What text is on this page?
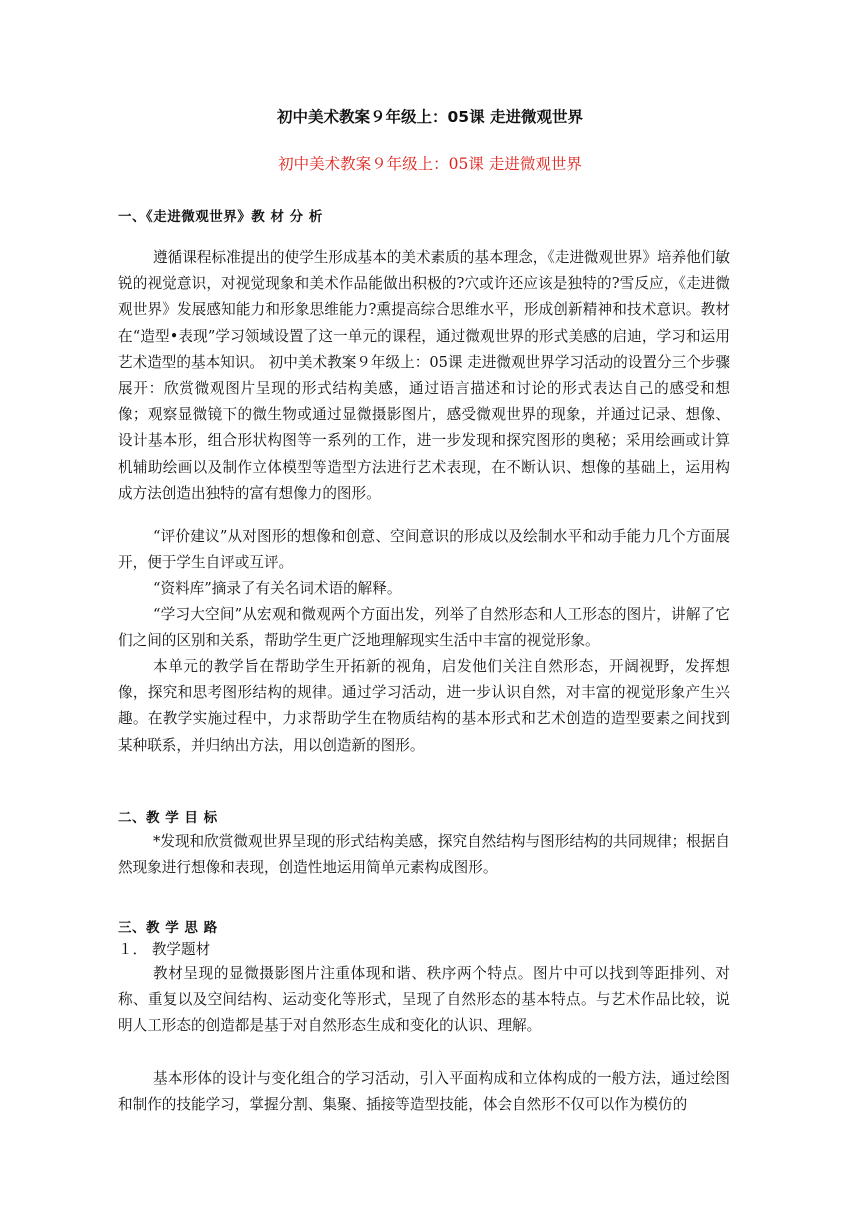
初中美术教案９年级上：05课 走进微观世界
初中美术教案９年级上：05课 走进微观世界
一、《走进微观世界》教 材 分 析

遵循课程标准提出的使学生形成基本的美术素质的基本理念，《走进微观世界》培养他们敏锐的视觉意识，对视觉现象和美术作品能做出积极的?穴或许还应该是独特的?雪反应，《走进微观世界》发展感知能力和形象思维能力?熏提高综合思维水平，形成创新精神和技术意识。教材在“造型•表现”学习领域设置了这一单元的课程，通过微观世界的形式美感的启迪，学习和运用艺术造型的基本知识。 初中美术教案９年级上：05课 走进微观世界学习活动的设置分三个步骤展开：欣赏微观图片呈现的形式结构美感，通过语言描述和讨论的形式表达自己的感受和想像；观察显微镜下的微生物或通过显微摄影图片，感受微观世界的现象，并通过记录、想像、设计基本形，组合形状构图等一系列的工作，进一步发现和探究图形的奥秘；采用绘画或计算机辅助绘画以及制作立体模型等造型方法进行艺术表现，在不断认识、想像的基础上，运用构成方法创造出独特的富有想像力的图形。

“评价建议”从对图形的想像和创意、空间意识的形成以及绘制水平和动手能力几个方面展开，便于学生自评或互评。

“资料库”摘录了有关名词术语的解释。

“学习大空间”从宏观和微观两个方面出发，列举了自然形态和人工形态的图片，讲解了它们之间的区别和关系，帮助学生更广泛地理解现实生活中丰富的视觉形象。

本单元的教学旨在帮助学生开拓新的视角，启发他们关注自然形态，开阔视野，发挥想像，探究和思考图形结构的规律。通过学习活动，进一步认识自然，对丰富的视觉形象产生兴趣。在教学实施过程中，力求帮助学生在物质结构的基本形式和艺术创造的造型要素之间找到某种联系，并归纳出方法，用以创造新的图形。

二、教 学 目 标

*发现和欣赏微观世界呈现的形式结构美感，探究自然结构与图形结构的共同规律；根据自然现象进行想像和表现，创造性地运用简单元素构成图形。

三、教 学 思 路
１． 教学题材

教材呈现的显微摄影图片注重体现和谐、秩序两个特点。图片中可以找到等距排列、对称、重复以及空间结构、运动变化等形式，呈现了自然形态的基本特点。与艺术作品比较，说明人工形态的创造都是基于对自然形态生成和变化的认识、理解。

基本形体的设计与变化组合的学习活动，引入平面构成和立体构成的一般方法，通过绘图和制作的技能学习，掌握分割、集聚、插接等造型技能，体会自然形不仅可以作为模仿的
